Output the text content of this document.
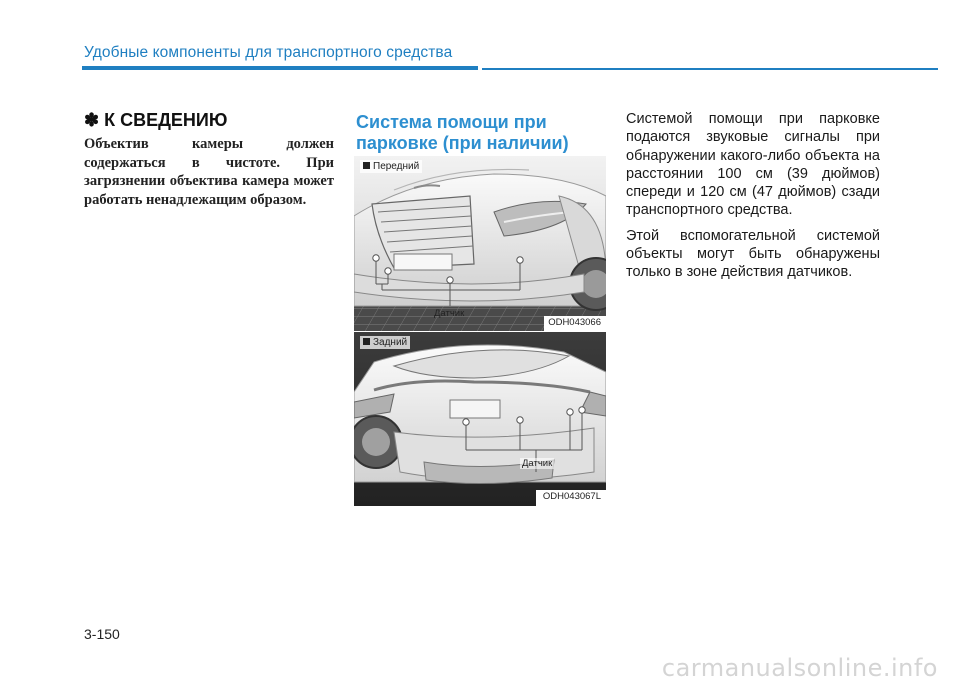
Удобные компоненты для транспортного средства
✽ К СВЕДЕНИЮ

Объектив камеры должен содержаться в чистоте. При загрязнении объектива камера может работать ненадлежащим образом.

Система помощи при
парковке (при наличии)
Передний
Датчик
ODH043066
Задний
Датчик
ODH043067L

Системой помощи при парковке подаются звуковые сигналы при обнаружении какого-либо объекта на расстоянии 100 см (39 дюймов) спереди и 120 см (47 дюймов) сзади транспортного средства.

Этой вспомогательной системой объекты могут быть обнаружены только в зоне действия датчиков.

3-150
carmanualsonline.info
